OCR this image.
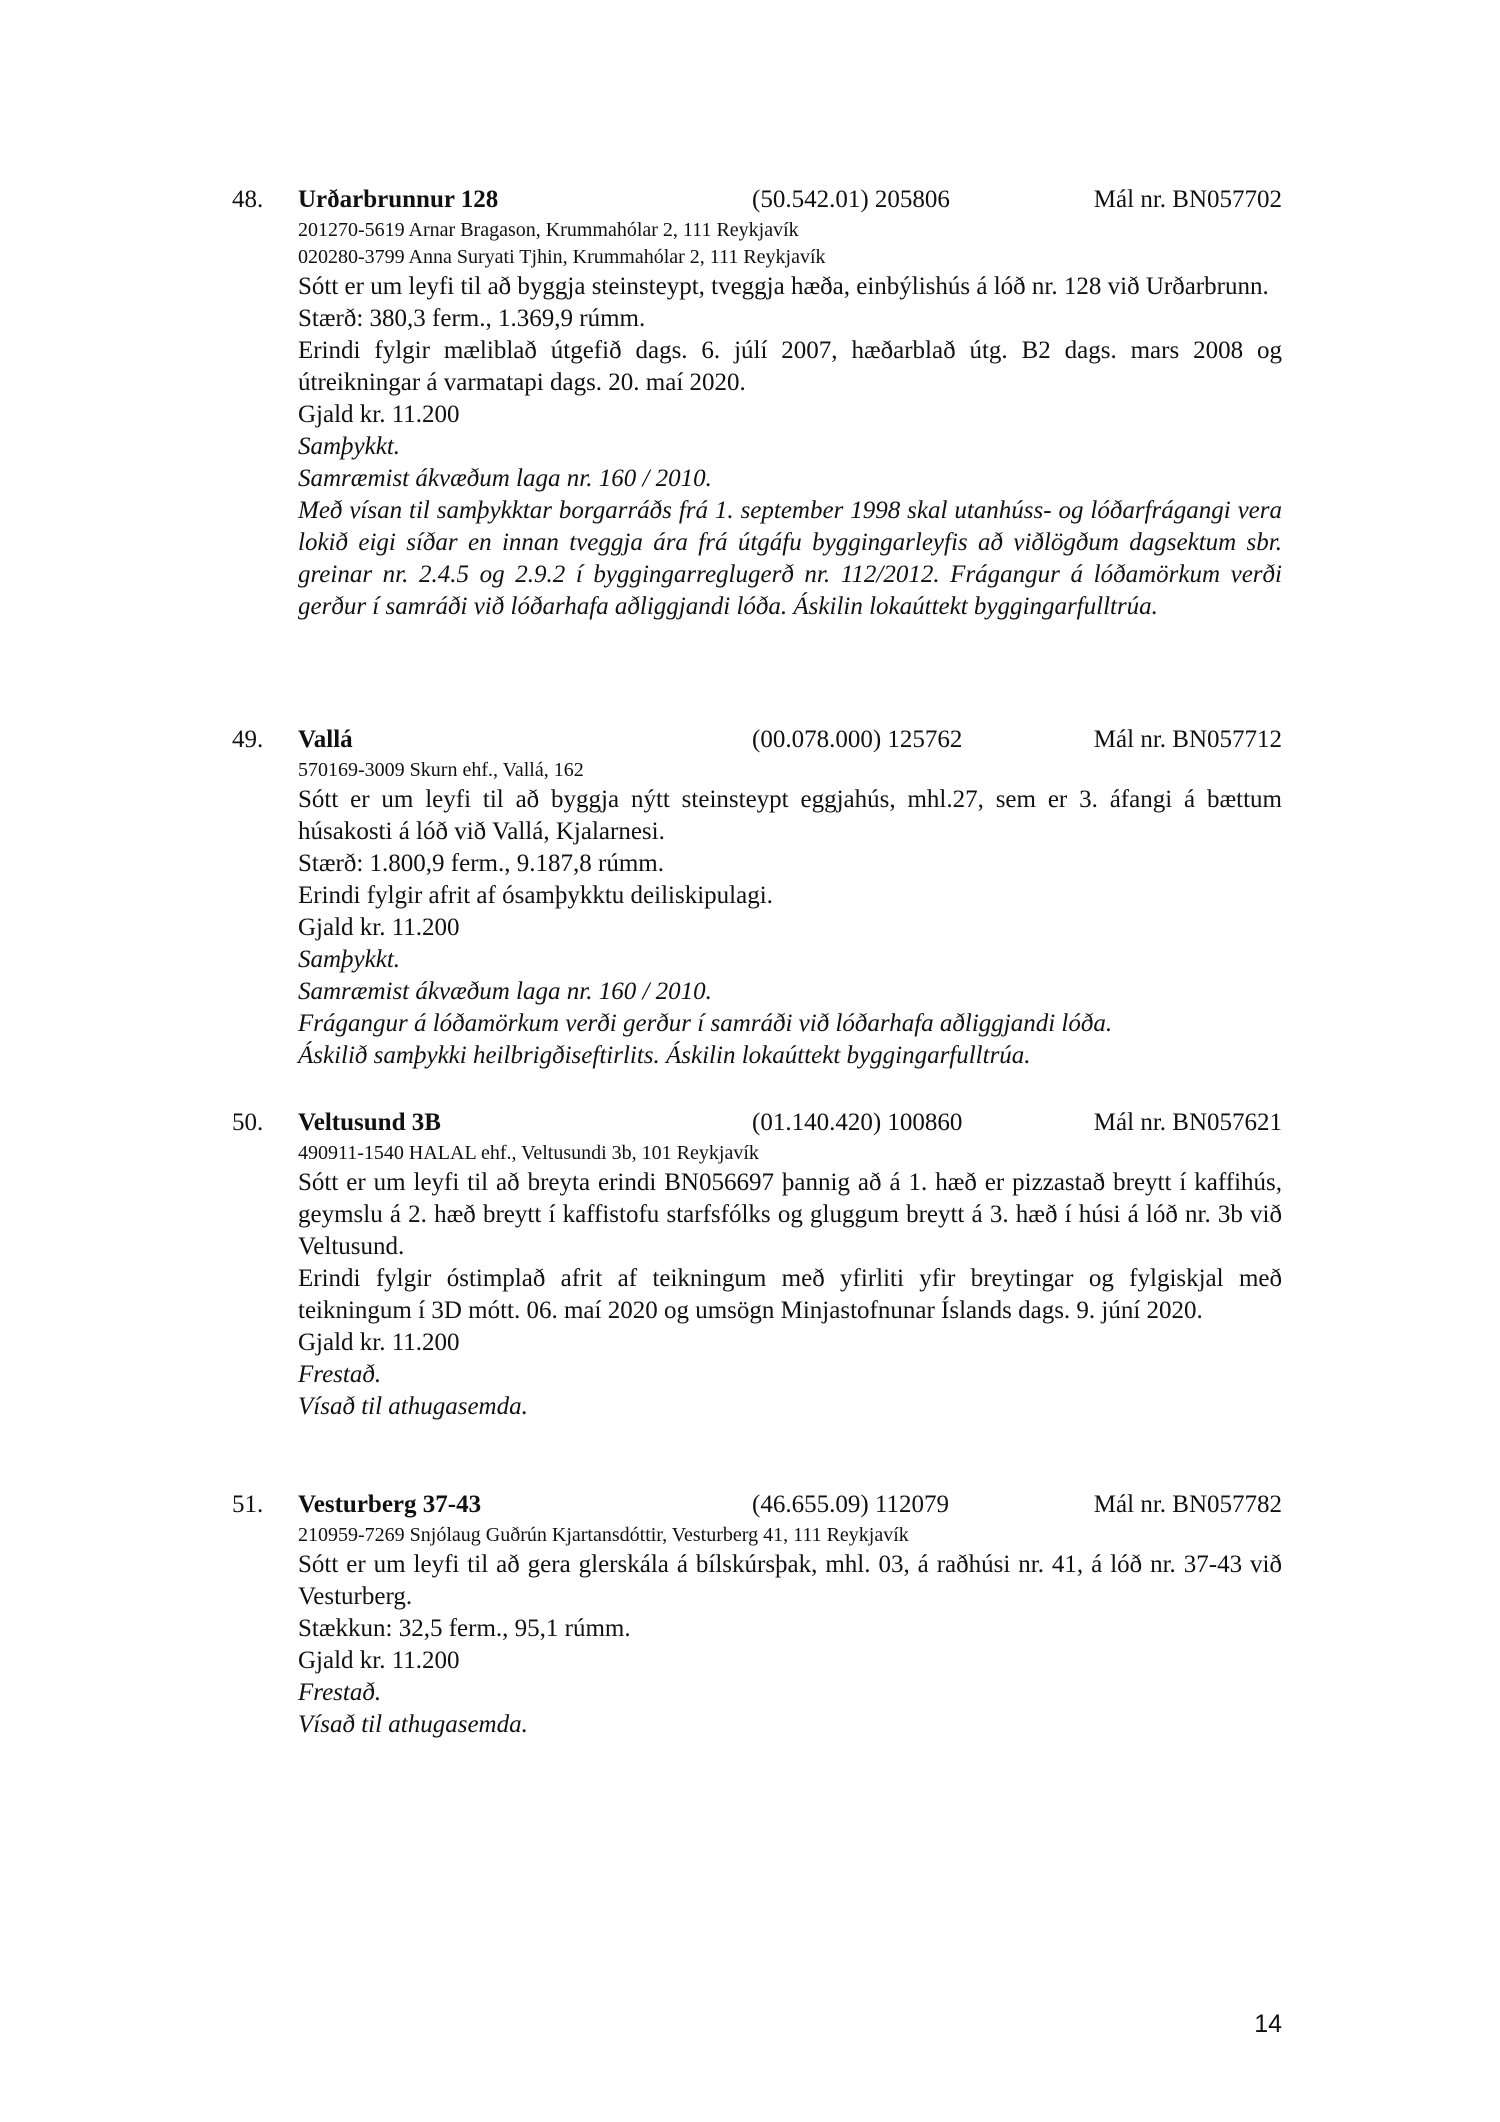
48. Urðarbrunnur 128	(50.542.01) 205806	Mál nr. BN057702
201270-5619 Arnar Bragason, Krummahólar 2, 111 Reykjavík
020280-3799 Anna Suryati Tjhin, Krummahólar 2, 111 Reykjavík
Sótt er um leyfi til að byggja steinsteypt, tveggja hæða, einbýlishús á lóð nr. 128 við Urðarbrunn.
Stærð: 380,3 ferm., 1.369,9 rúmm.
Erindi fylgir mæliblað útgefið dags. 6. júlí 2007, hæðarblað útg. B2 dags. mars 2008 og útreikningar á varmatapi dags. 20. maí 2020.
Gjald kr. 11.200
Samþykkt.
Samræmist ákvæðum laga nr. 160 / 2010.
Með vísan til samþykktar borgarráðs frá 1. september 1998 skal utanhúss- og lóðarfrágangi vera lokið eigi síðar en innan tveggja ára frá útgáfu byggingarleyfis að viðlögðum dagsektum sbr. greinar nr. 2.4.5 og 2.9.2 í byggingarreglugerð nr. 112/2012. Frágangur á lóðamörkum verði gerður í samráði við lóðarhafa aðliggjandi lóða. Áskilin lokaúttekt byggingarfulltrúa.
49. Vallá	(00.078.000) 125762	Mál nr. BN057712
570169-3009 Skurn ehf., Vallá, 162
Sótt er um leyfi til að byggja nýtt steinsteypt eggjahús, mhl.27, sem er 3. áfangi á bættum húsakosti á lóð við Vallá, Kjalarnesi.
Stærð: 1.800,9 ferm., 9.187,8 rúmm.
Erindi fylgir afrit af ósamþykktu deiliskipulagi.
Gjald kr. 11.200
Samþykkt.
Samræmist ákvæðum laga nr. 160 / 2010.
Frágangur á lóðamörkum verði gerður í samráði við lóðarhafa aðliggjandi lóða.
Áskilið samþykki heilbrigðiseftirlits. Áskilin lokaúttekt byggingarfulltrúa.
50. Veltusund 3B	(01.140.420) 100860	Mál nr. BN057621
490911-1540 HALAL ehf., Veltusundi 3b, 101 Reykjavík
Sótt er um leyfi til að breyta erindi BN056697 þannig að á 1. hæð er pizzastað breytt í kaffihús, geymslu á 2. hæð breytt í kaffistofu starfsfólks og gluggum breytt á 3. hæð í húsi á lóð nr. 3b við Veltusund.
Erindi fylgir óstimplað afrit af teikningum með yfirliti yfir breytingar og fylgiskjal með teikningum í 3D mótt. 06. maí 2020 og umsögn Minjastofnunar Íslands dags. 9. júní 2020.
Gjald kr. 11.200
Frestað.
Vísað til athugasemda.
51. Vesturberg 37-43	(46.655.09) 112079	Mál nr. BN057782
210959-7269 Snjólaug Guðrún Kjartansdóttir, Vesturberg 41, 111 Reykjavík
Sótt er um leyfi til að gera glerskála á bílskúrsþak, mhl. 03, á raðhúsi nr. 41, á lóð nr. 37-43 við Vesturberg.
Stækkun: 32,5 ferm., 95,1 rúmm.
Gjald kr. 11.200
Frestað.
Vísað til athugasemda.
14
